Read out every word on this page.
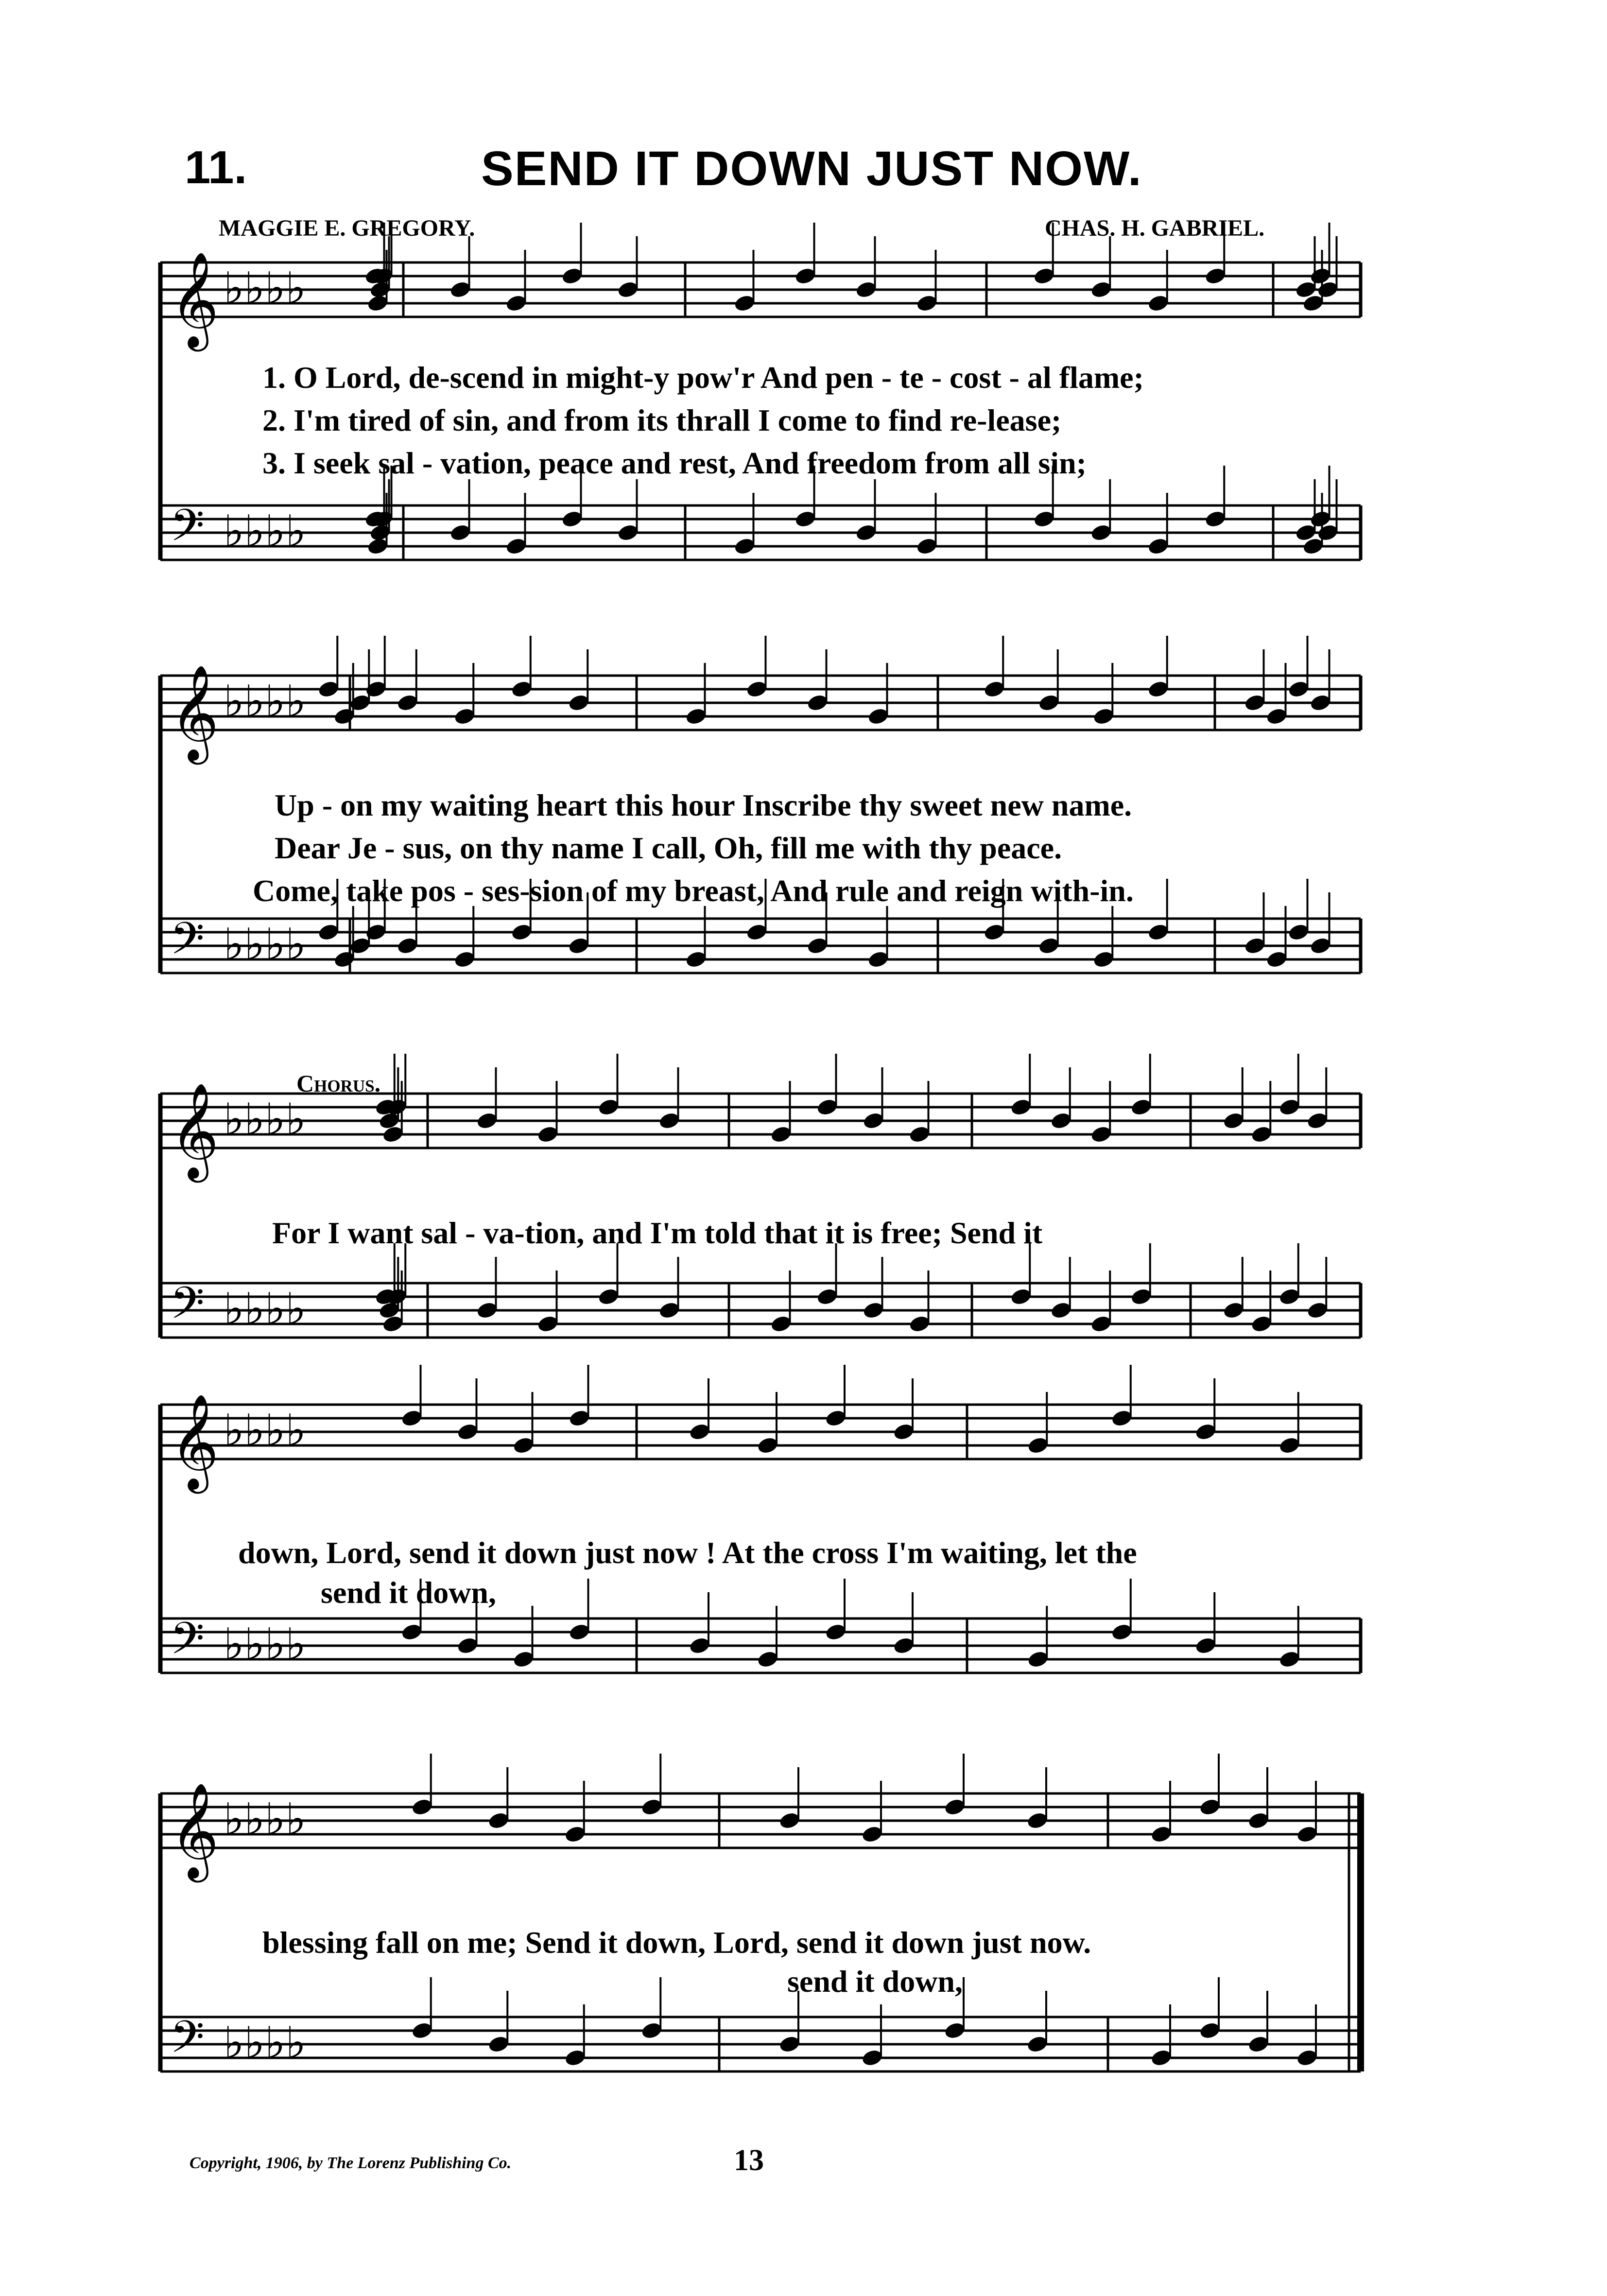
𝄞 ♭♭♭♭
𝄢 ♭♭♭♭
𝄞 ♭♭♭♭
𝄢 ♭♭♭♭
𝄞 ♭♭♭♭
𝄢 ♭♭♭♭
𝄞 ♭♭♭♭
𝄢 ♭♭♭♭
𝄞 ♭♭♭♭
𝄢 ♭♭♭♭
11.	SEND IT DOWN JUST NOW.
MAGGIE E. GREGORY.	CHAS. H. GABRIEL.
1. O Lord, de-scend in might-y pow'r And pen - te - cost - al flame;
2. I'm tired of sin, and from its thrall I come to find re-lease;
3. I seek sal - vation, peace and rest, And freedom from all sin;
Up - on my waiting heart this hour Inscribe thy sweet new name.
Dear Je - sus, on thy name I call, Oh, fill me with thy peace.
Come, take pos - ses-sion of my breast, And rule and reign with-in.
Chorus.
For I want sal - va-tion, and I'm told that it is free; Send it
down, Lord, send it down just now ! At the cross I'm waiting, let the
send it down,
blessing fall on me; Send it down, Lord, send it down just now.
send it down,
Copyright, 1906, by The Lorenz Publishing Co.	13
